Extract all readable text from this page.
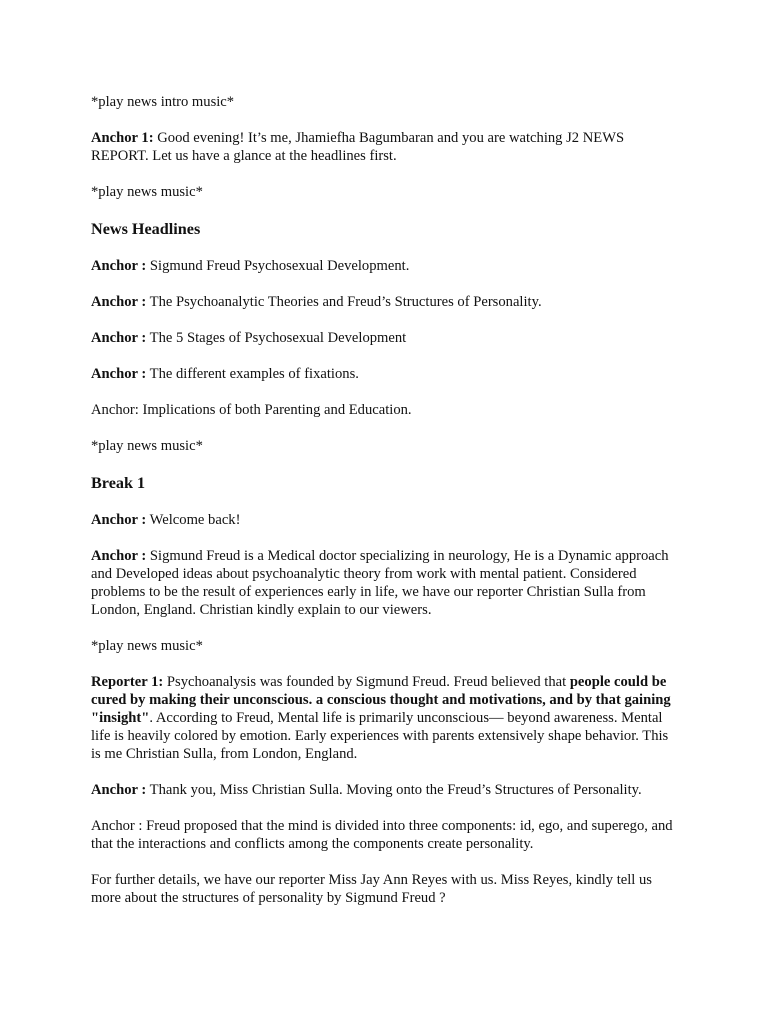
*play news intro music*

Anchor 1: Good evening! It’s me, Jhamiefha Bagumbaran and you are watching J2 NEWS REPORT. Let us have a glance at the headlines first.

*play news music*

News Headlines

Anchor : Sigmund Freud Psychosexual Development.

Anchor : The Psychoanalytic Theories and Freud’s Structures of Personality.

Anchor : The 5 Stages of Psychosexual Development

Anchor : The different examples of fixations.

Anchor: Implications of both Parenting and Education.

*play news music*

Break 1

Anchor : Welcome back!

Anchor : Sigmund Freud is a Medical doctor specializing in neurology, He is a Dynamic approach and Developed ideas about psychoanalytic theory from work with mental patient. Considered problems to be the result of experiences early in life, we have our reporter Christian Sulla from London, England. Christian kindly explain to our viewers.

*play news music*

Reporter 1: Psychoanalysis was founded by Sigmund Freud. Freud believed that people could be cured by making their unconscious. a conscious thought and motivations, and by that gaining "insight". According to Freud, Mental life is primarily unconscious— beyond awareness. Mental life is heavily colored by emotion. Early experiences with parents extensively shape behavior. This is me Christian Sulla, from London, England.

Anchor : Thank you, Miss Christian Sulla. Moving onto the Freud’s Structures of Personality.

Anchor : Freud proposed that the mind is divided into three components: id, ego, and superego, and that the interactions and conflicts among the components create personality.

For further details, we have our reporter Miss Jay Ann Reyes with us. Miss Reyes, kindly tell us more about the structures of personality by Sigmund Freud ?
